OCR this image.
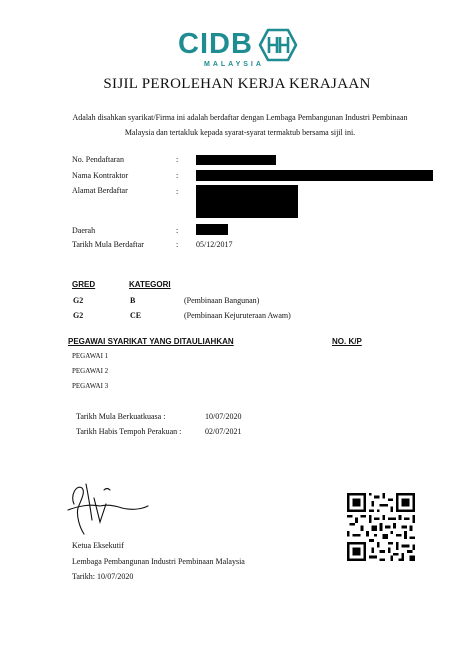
CIDB
MALAYSIA
SIJIL PEROLEHAN KERJA KERAJAAN
Adalah disahkan syarikat/Firma ini adalah berdaftar dengan Lembaga Pembangunan Industri Pembinaan
Malaysia dan tertakluk kepada syarat-syarat termaktub bersama sijil ini.
No. Pendaftaran	:
Nama Kontraktor	:
Alamat Berdaftar	:
Daerah	:
Tarikh Mula Berdaftar	: 05/12/2017
GRED	KATEGORI
G2	B	(Pembinaan Bangunan)
G2	CE	(Pembinaan Kejuruteraan Awam)
PEGAWAI SYARIKAT YANG DITAULIAHKAN	NO. K/P
PEGAWAI 1
PEGAWAI 2
PEGAWAI 3
Tarikh Mula Berkuatkuasa :	10/07/2020
Tarikh Habis Tempoh Perakuan :	02/07/2021
Ketua Eksekutif
Lembaga Pembangunan Industri Pembinaan Malaysia
Tarikh: 10/07/2020
